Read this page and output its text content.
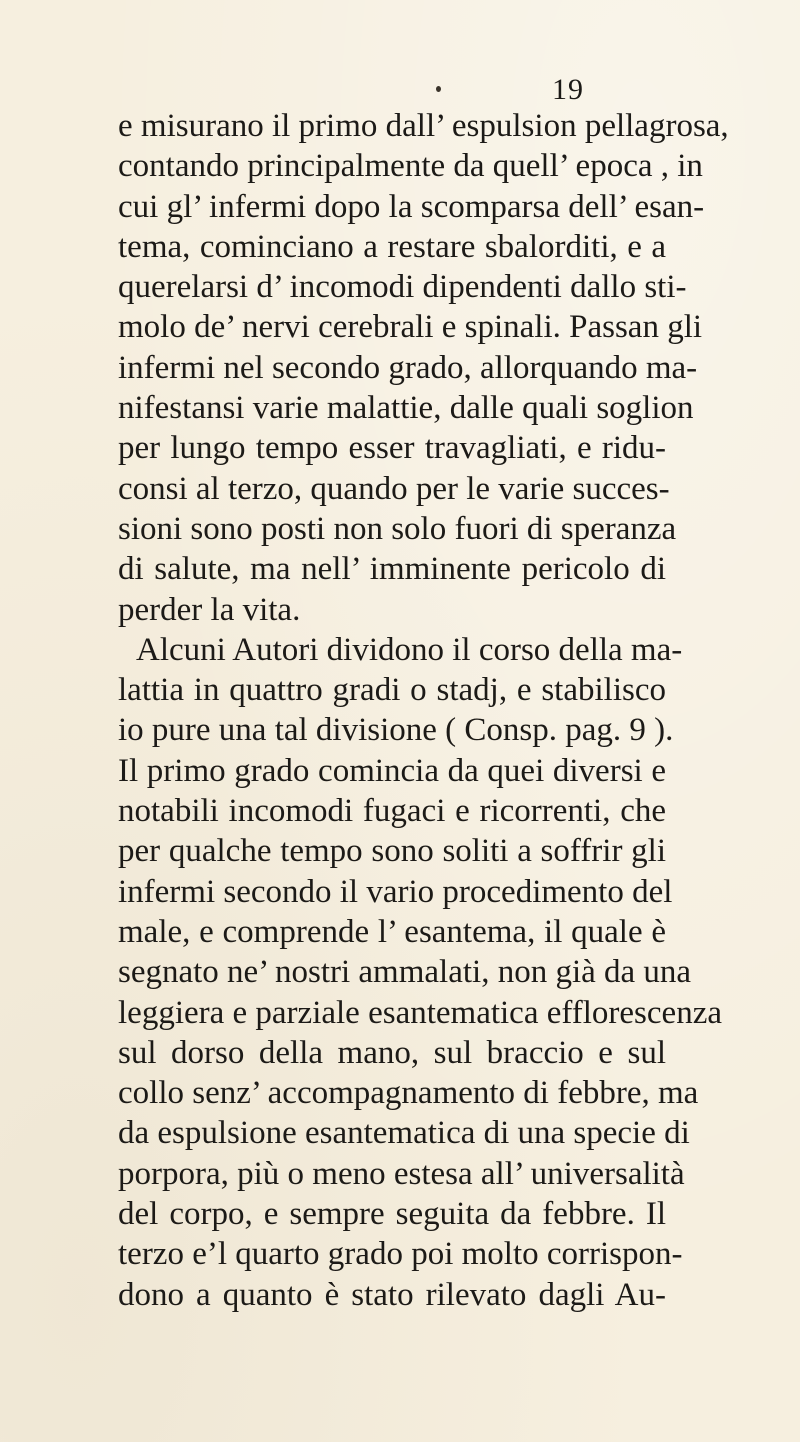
19
e misurano il primo dall’ espulsion pellagrosa,
contando principalmente da quell’ epoca , in
cui gl’ infermi dopo la scomparsa dell’ esan-
tema, cominciano a restare sbalorditi, e a
querelarsi d’ incomodi dipendenti dallo sti-
molo de’ nervi cerebrali e spinali. Passan gli
infermi nel secondo grado, allorquando ma-
nifestansi varie malattie, dalle quali soglion
per lungo tempo esser travagliati, e ridu-
consi al terzo, quando per le varie succes-
sioni sono posti non solo fuori di speranza
di salute, ma nell’ imminente pericolo di
perder la vita.
Alcuni Autori dividono il corso della ma-
lattia in quattro gradi o stadj, e stabilisco
io pure una tal divisione ( Consp. pag. 9 ).
Il primo grado comincia da quei diversi e
notabili incomodi fugaci e ricorrenti, che
per qualche tempo sono soliti a soffrir gli
infermi secondo il vario procedimento del
male, e comprende l’ esantema, il quale è
segnato ne’ nostri ammalati, non già da una
leggiera e parziale esantematica efflorescenza
sul dorso della mano, sul braccio e sul
collo senz’ accompagnamento di febbre, ma
da espulsione esantematica di una specie di
porpora, più o meno estesa all’ universalità
del corpo, e sempre seguita da febbre. Il
terzo e’l quarto grado poi molto corrispon-
dono a quanto è stato rilevato dagli Au-
